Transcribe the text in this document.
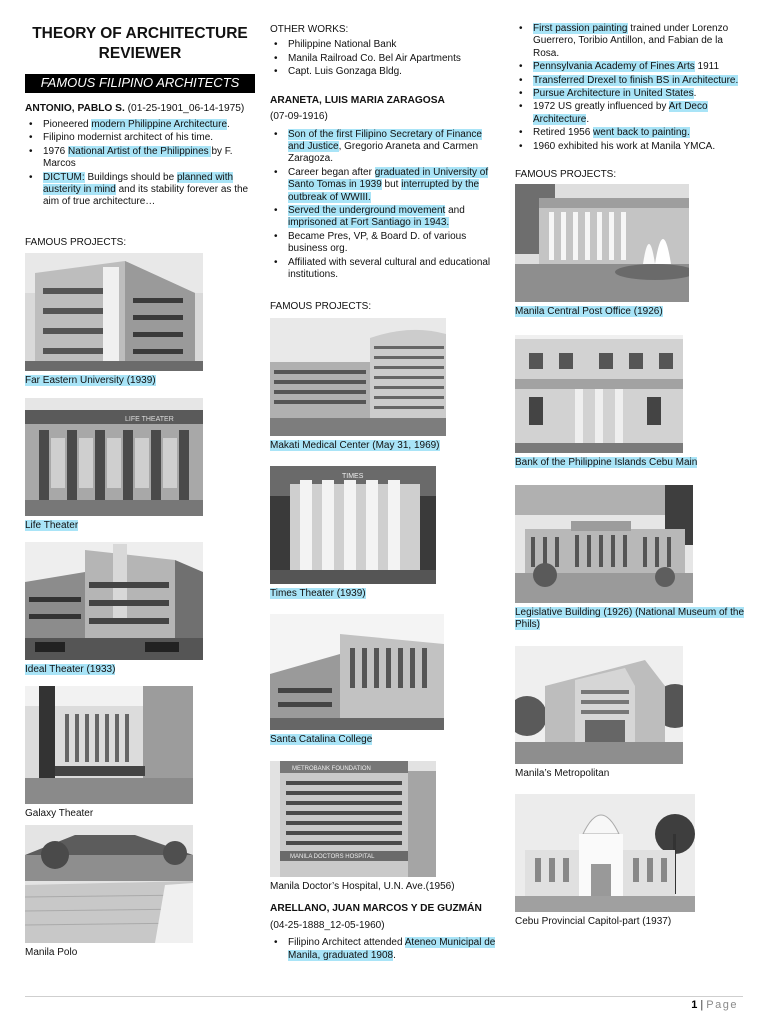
THEORY OF ARCHITECTURE
REVIEWER
FAMOUS FILIPINO ARCHITECTS
ANTONIO, PABLO S. (01-25-1901_06-14-1975)
• Pioneered modern Philippine Architecture.
• Filipino modernist architect of his time.
• 1976 National Artist of the Philippines by F. Marcos
• DICTUM: Buildings should be planned with austerity in mind and its stability forever as the aim of true architecture…
FAMOUS PROJECTS:
Far Eastern University (1939)
LIFE THEATER
Life Theater
Ideal Theater (1933)
Galaxy Theater
Manila Polo
OTHER WORKS:
• Philippine National Bank
• Manila Railroad Co. Bel Air Apartments
• Capt. Luis Gonzaga Bldg.
ARANETA, LUIS MARIA ZARAGOSA
(07-09-1916)
• Son of the first Filipino Secretary of Finance and Justice, Gregorio Araneta and Carmen Zaragoza.
• Career began after graduated in University of Santo Tomas in 1939 but interrupted by the outbreak of WWIII.
• Served the underground movement and imprisoned at Fort Santiago in 1943.
• Became Pres, VP, & Board D. of various business org.
• Affiliated with several cultural and educational institutions.
FAMOUS PROJECTS:
Makati Medical Center (May 31, 1969)
TIMES
Times Theater (1939)
Santa Catalina College
METROBANK FOUNDATION
MANILA DOCTORS HOSPITAL
Manila Doctor’s Hospital, U.N. Ave.(1956)
ARELLANO, JUAN MARCOS Y DE GUZMÁN
(04-25-1888_12-05-1960)
• Filipino Architect attended Ateneo Municipal de Manila, graduated 1908.
• First passion painting trained under Lorenzo Guerrero, Toribio Antillon, and Fabian de la Rosa.
• Pennsylvania Academy of Fines Arts 1911
• Transferred Drexel to finish BS in Architecture.
• Pursue Architecture in United States.
• 1972 US greatly influenced by Art Deco Architecture.
• Retired 1956 went back to painting.
• 1960 exhibited his work at Manila YMCA.
FAMOUS PROJECTS:
Manila Central Post Office (1926)
Bank of the Philippine Islands Cebu Main
Legislative Building (1926) (National Museum of the Phils)
Manila’s Metropolitan
Cebu Provincial Capitol-part (1937)
1 | Page
